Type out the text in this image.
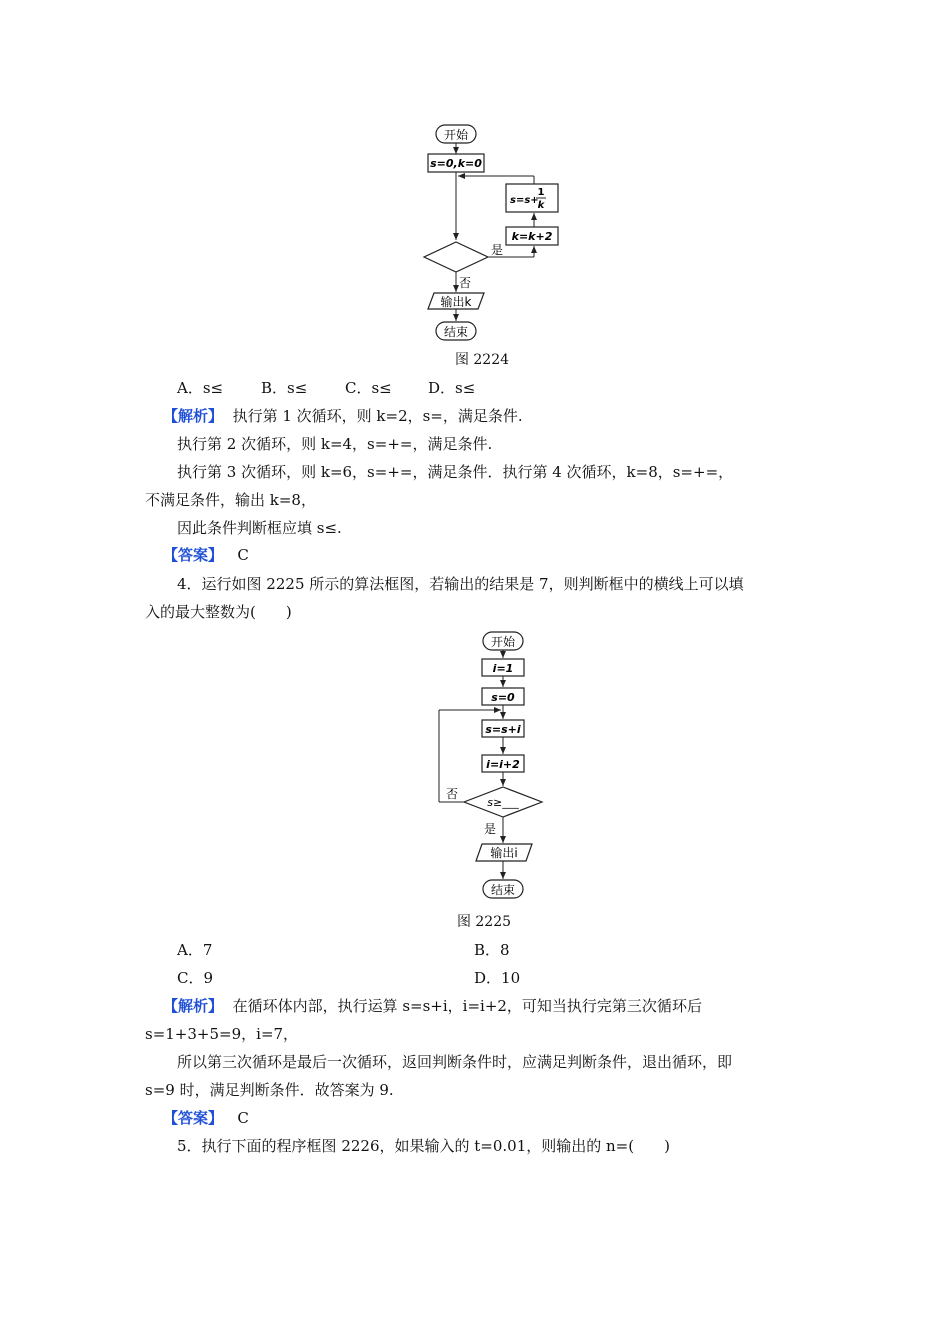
开始
s=0,k=0
是
k=k+2
s=s+
1
k
否
输出k
结束
图 2224
A．s≤	B．s≤	C．s≤ D．s≤
【解析】 执行第 1 次循环，则 k=2，s=，满足条件.
执行第 2 次循环，则 k=4，s=+=，满足条件.
执行第 3 次循环，则 k=6，s=+=，满足条件．执行第 4 次循环，k=8，s=+=，
不满足条件，输出 k=8，
因此条件判断框应填 s≤.
【答案】 C
4．运行如图 2225 所示的算法框图，若输出的结果是 7，则判断框中的横线上可以填
入的最大整数为(　　)
开始
i=1
s=0
s=s+i
i=i+2
s≥___
否
是
输出i
结束
图 2225
A．7	B．8
C．9	D．10
【解析】 在循环体内部，执行运算 s=s+i，i=i+2，可知当执行完第三次循环后
s=1+3+5=9，i=7，
所以第三次循环是最后一次循环，返回判断条件时，应满足判断条件，退出循环，即
s=9 时，满足判断条件．故答案为 9.
【答案】 C
5．执行下面的程序框图 2226，如果输入的 t=0.01，则输出的 n=(　　)
